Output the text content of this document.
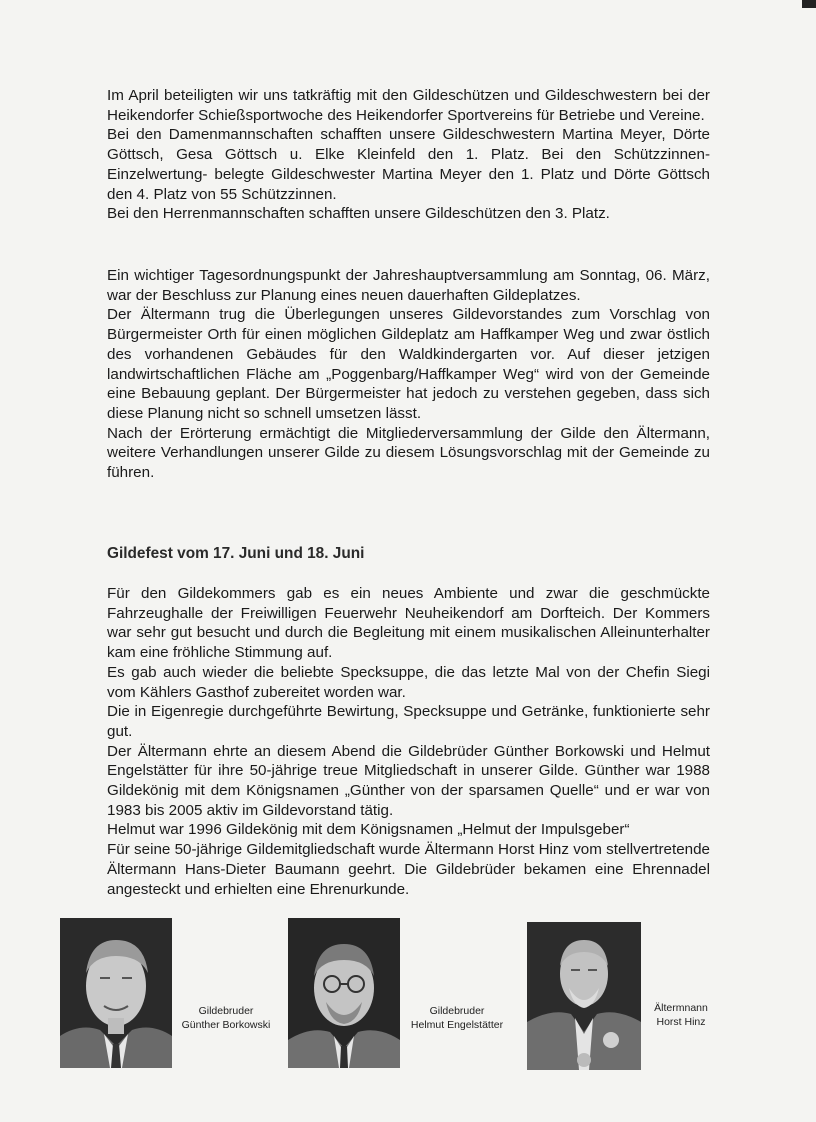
Im April beteiligten wir uns tatkräftig mit den Gildeschützen und Gildeschwestern bei der Heikendorfer Schießsportwoche des Heikendorfer Sportvereins für Betriebe und Vereine.

Bei den Damenmannschaften schafften unsere Gildeschwestern Martina Meyer, Dörte Göttsch, Gesa Göttsch u. Elke Kleinfeld den 1. Platz. Bei den Schützzinnen- Einzelwertung- belegte Gildeschwester Martina Meyer den 1. Platz und Dörte Göttsch den 4. Platz von 55 Schützzinnen.

Bei den Herrenmannschaften schafften unsere Gildeschützen den 3. Platz.

Ein wichtiger Tagesordnungspunkt der Jahreshauptversammlung am Sonntag, 06. März, war der Beschluss zur Planung eines neuen dauerhaften Gildeplatzes.

Der Ältermann trug die Überlegungen unseres Gildevorstandes zum Vorschlag von Bürgermeister Orth für einen möglichen Gildeplatz am Haffkamper Weg und zwar östlich des vorhandenen Gebäudes für den Waldkindergarten vor. Auf dieser jetzigen landwirtschaftlichen Fläche am „Poggenbarg/Haffkamper Weg“ wird von der Gemeinde eine Bebauung geplant. Der Bürgermeister hat jedoch zu verstehen gegeben, dass sich diese Planung nicht so schnell umsetzen lässt.

Nach der Erörterung ermächtigt die Mitgliederversammlung der Gilde den Ältermann, weitere Verhandlungen unserer Gilde zu diesem Lösungsvorschlag mit der Gemeinde zu führen.

Gildefest vom 17. Juni und 18. Juni

Für den Gildekommers gab es ein neues Ambiente und zwar die geschmückte Fahrzeughalle der Freiwilligen Feuerwehr Neuheikendorf am Dorfteich. Der Kommers war sehr gut besucht und durch die Begleitung mit einem musikalischen Alleinunterhalter kam eine fröhliche Stimmung auf.

Es gab auch wieder die beliebte Specksuppe, die das letzte Mal von der Chefin Siegi vom Kählers Gasthof zubereitet worden war.

Die in Eigenregie durchgeführte Bewirtung, Specksuppe und Getränke, funktionierte sehr gut.

Der Ältermann ehrte an diesem Abend die Gildebrüder Günther Borkowski und Helmut Engelstätter für ihre 50-jährige treue Mitgliedschaft in unserer Gilde. Günther war 1988 Gildekönig mit dem Königsnamen „Günther von der sparsamen Quelle“ und er war von 1983 bis 2005 aktiv im Gildevorstand tätig.

Helmut war 1996 Gildekönig mit dem Königsnamen „Helmut der Impulsgeber“

Für seine 50-jährige Gildemitgliedschaft wurde Ältermann Horst Hinz vom stellvertretende Ältermann Hans-Dieter Baumann geehrt. Die Gildebrüder bekamen eine Ehrennadel angesteckt und erhielten eine Ehrenurkunde.

Gildebruder
Günther Borkowski
Gildebruder
Helmut Engelstätter
Ältermnann
Horst Hinz
